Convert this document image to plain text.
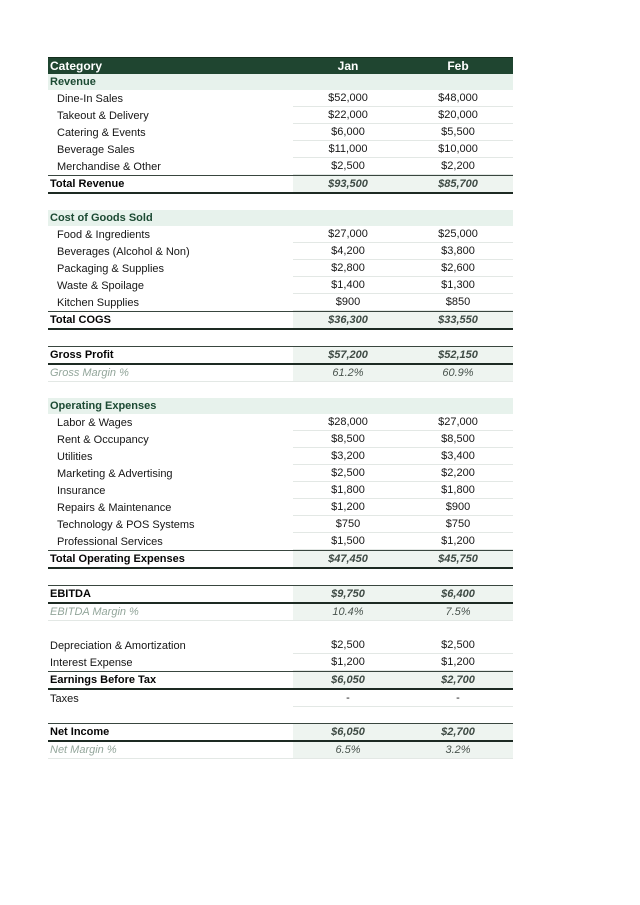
Category	Jan	Feb
Revenue		
Dine-In Sales	$52,000	$48,000
Takeout & Delivery	$22,000	$20,000
Catering & Events	$6,000	$5,500
Beverage Sales	$11,000	$10,000
Merchandise & Other	$2,500	$2,200
Total Revenue	$93,500	$85,700

Cost of Goods Sold		
Food & Ingredients	$27,000	$25,000
Beverages (Alcohol & Non)	$4,200	$3,800
Packaging & Supplies	$2,800	$2,600
Waste & Spoilage	$1,400	$1,300
Kitchen Supplies	$900	$850
Total COGS	$36,300	$33,550

Gross Profit	$57,200	$52,150
Gross Margin %	61.2%	60.9%

Operating Expenses		
Labor & Wages	$28,000	$27,000
Rent & Occupancy	$8,500	$8,500
Utilities	$3,200	$3,400
Marketing & Advertising	$2,500	$2,200
Insurance	$1,800	$1,800
Repairs & Maintenance	$1,200	$900
Technology & POS Systems	$750	$750
Professional Services	$1,500	$1,200
Total Operating Expenses	$47,450	$45,750

EBITDA	$9,750	$6,400
EBITDA Margin %	10.4%	7.5%

Depreciation & Amortization	$2,500	$2,500
Interest Expense	$1,200	$1,200
Earnings Before Tax	$6,050	$2,700
Taxes	-	-

Net Income	$6,050	$2,700
Net Margin %	6.5%	3.2%
